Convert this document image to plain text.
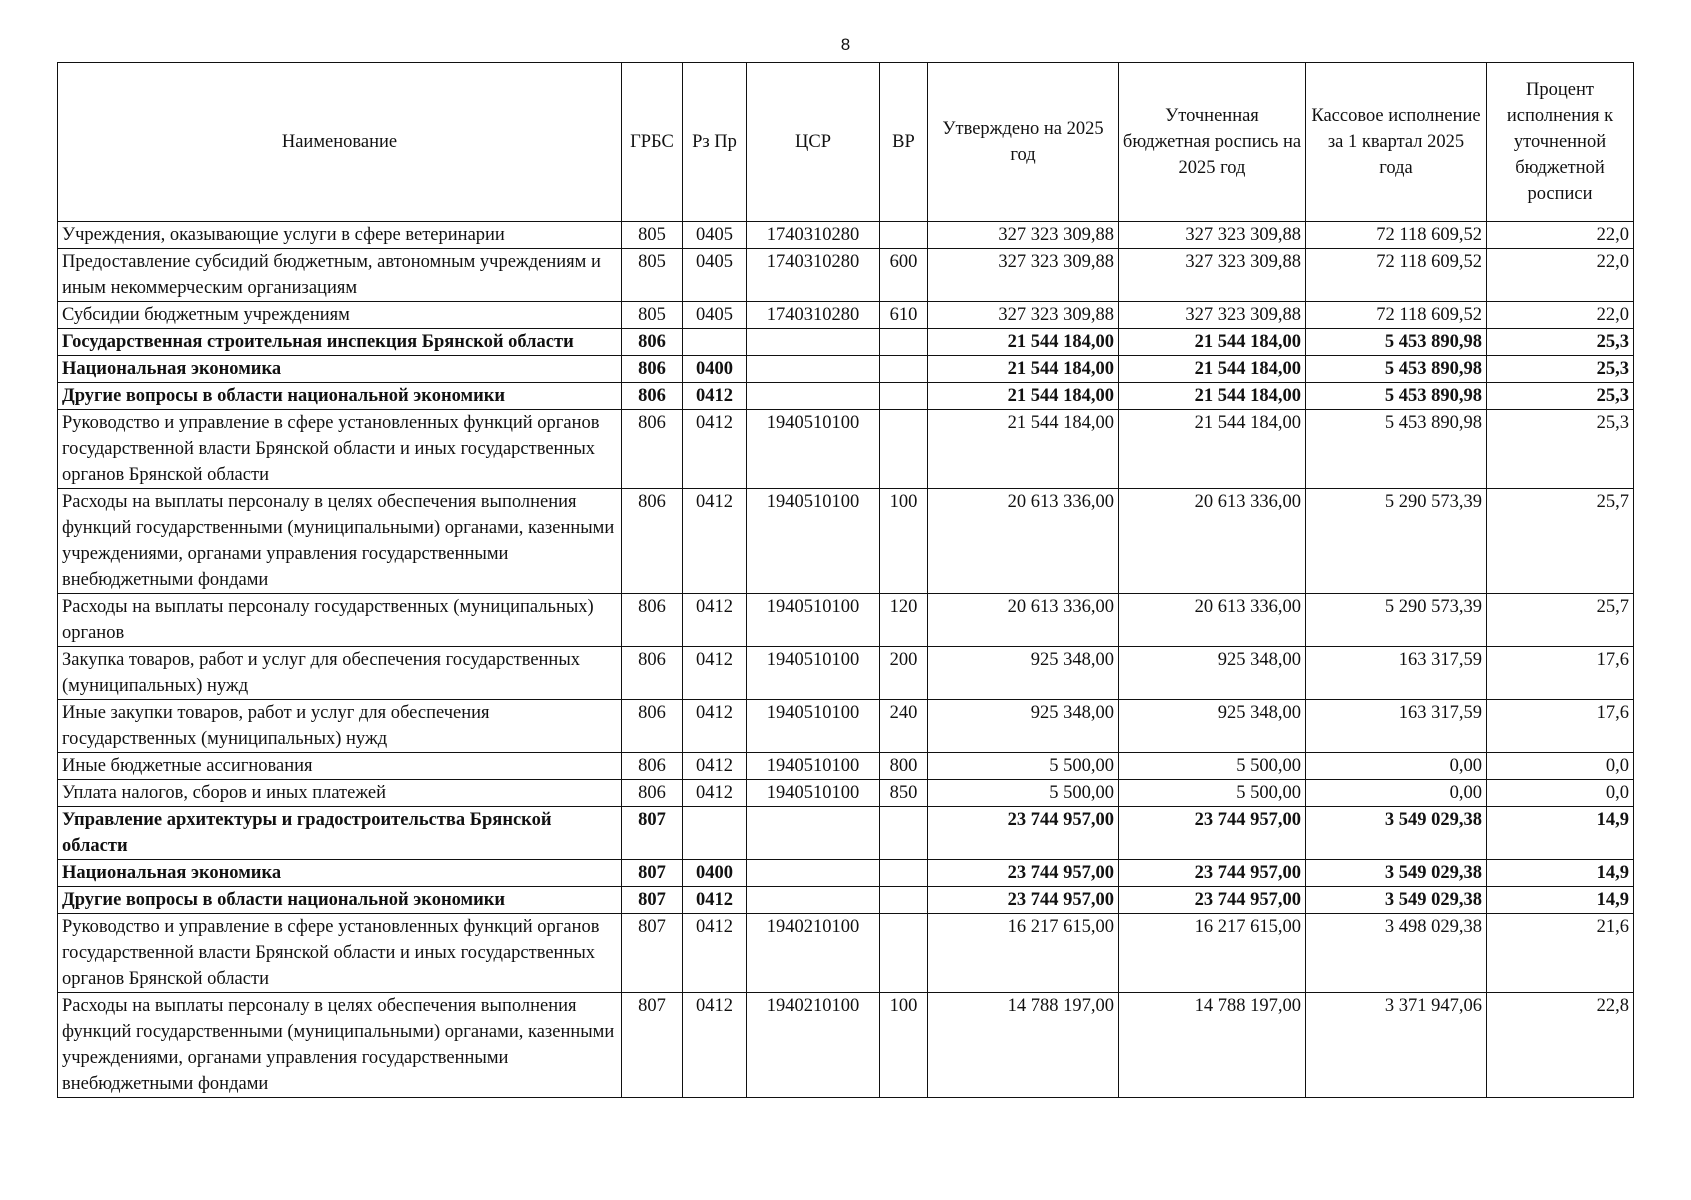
8
Наименование	ГРБС	Рз Пр	ЦСР	ВР	Утверждено на 2025 год	Уточненная бюджетная роспись на 2025 год	Кассовое исполнение за 1 квартал 2025 года	Процент исполнения к уточненной бюджетной росписи
Учреждения, оказывающие услуги в сфере ветеринарии	805	0405	1740310280		327 323 309,88	327 323 309,88	72 118 609,52	22,0
Предоставление субсидий бюджетным, автономным учреждениям и иным некоммерческим организациям	805	0405	1740310280	600	327 323 309,88	327 323 309,88	72 118 609,52	22,0
Субсидии бюджетным учреждениям	805	0405	1740310280	610	327 323 309,88	327 323 309,88	72 118 609,52	22,0
Государственная строительная инспекция Брянской области	806				21 544 184,00	21 544 184,00	5 453 890,98	25,3
Национальная экономика	806	0400			21 544 184,00	21 544 184,00	5 453 890,98	25,3
Другие вопросы в области национальной экономики	806	0412			21 544 184,00	21 544 184,00	5 453 890,98	25,3
Руководство и управление в сфере установленных функций органов государственной власти Брянской области и иных государственных органов Брянской области	806	0412	1940510100		21 544 184,00	21 544 184,00	5 453 890,98	25,3
Расходы на выплаты персоналу в целях обеспечения выполнения функций государственными (муниципальными) органами, казенными учреждениями, органами управления государственными внебюджетными фондами	806	0412	1940510100	100	20 613 336,00	20 613 336,00	5 290 573,39	25,7
Расходы на выплаты персоналу государственных (муниципальных) органов	806	0412	1940510100	120	20 613 336,00	20 613 336,00	5 290 573,39	25,7
Закупка товаров, работ и услуг для обеспечения государственных (муниципальных) нужд	806	0412	1940510100	200	925 348,00	925 348,00	163 317,59	17,6
Иные закупки товаров, работ и услуг для обеспечения государственных (муниципальных) нужд	806	0412	1940510100	240	925 348,00	925 348,00	163 317,59	17,6
Иные бюджетные ассигнования	806	0412	1940510100	800	5 500,00	5 500,00	0,00	0,0
Уплата налогов, сборов и иных платежей	806	0412	1940510100	850	5 500,00	5 500,00	0,00	0,0
Управление архитектуры и градостроительства Брянской области	807				23 744 957,00	23 744 957,00	3 549 029,38	14,9
Национальная экономика	807	0400			23 744 957,00	23 744 957,00	3 549 029,38	14,9
Другие вопросы в области национальной экономики	807	0412			23 744 957,00	23 744 957,00	3 549 029,38	14,9
Руководство и управление в сфере установленных функций органов государственной власти Брянской области и иных государственных органов Брянской области	807	0412	1940210100		16 217 615,00	16 217 615,00	3 498 029,38	21,6
Расходы на выплаты персоналу в целях обеспечения выполнения функций государственными (муниципальными) органами, казенными учреждениями, органами управления государственными внебюджетными фондами	807	0412	1940210100	100	14 788 197,00	14 788 197,00	3 371 947,06	22,8
